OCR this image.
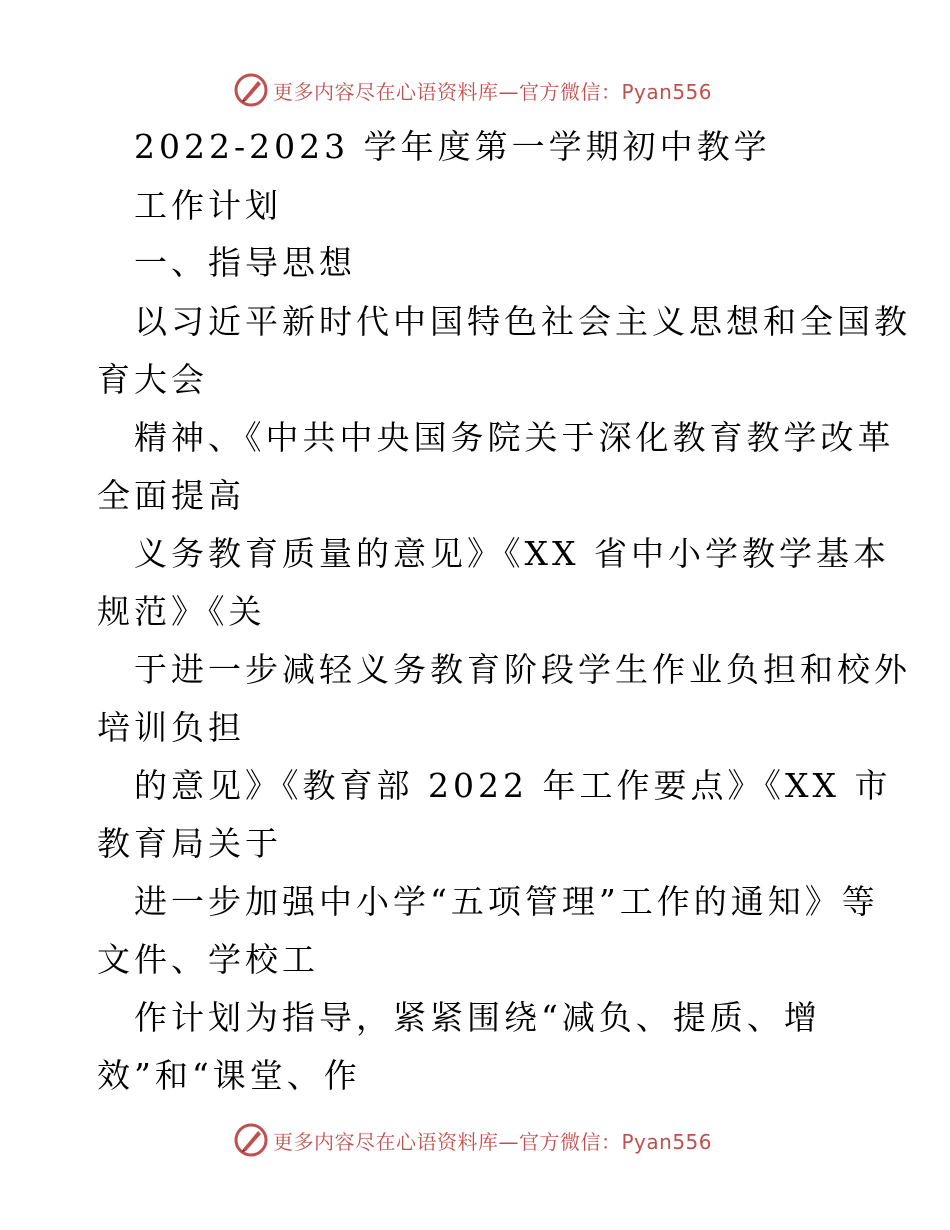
更多内容尽在心语资料库—官方微信：Pyan556
2022-2023 学年度第一学期初中教学
工作计划
一、指导思想
以习近平新时代中国特色社会主义思想和全国教
育大会
精神、《中共中央国务院关于深化教育教学改革
全面提高
义务教育质量的意见》《XX 省中小学教学基本
规范》《关
于进一步减轻义务教育阶段学生作业负担和校外
培训负担
的意见》《教育部 2022 年工作要点》《XX 市
教育局关于
进一步加强中小学“五项管理”工作的通知》等
文件、学校工
作计划为指导，紧紧围绕“减负、提质、增
效”和“课堂、作
更多内容尽在心语资料库—官方微信：Pyan556
